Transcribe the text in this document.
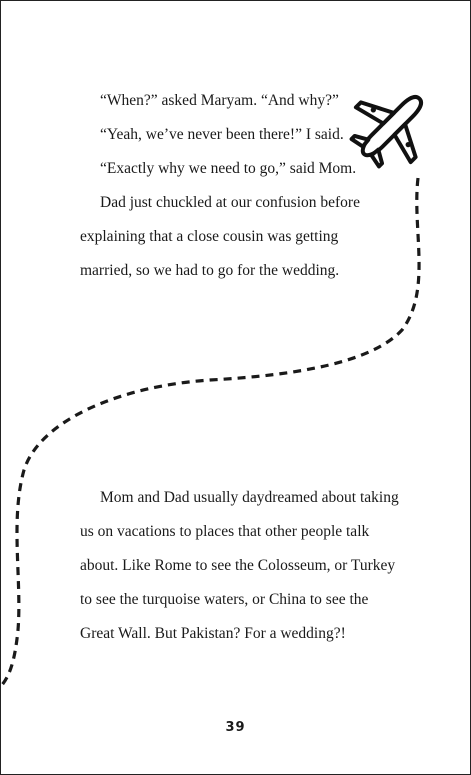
“When?” asked Maryam. “And why?”

“Yeah, we’ve never been there!” I said.

“Exactly why we need to go,” said Mom.

Dad just chuckled at our confusion before explaining that a close cousin was getting married, so we had to go for the wedding.

Mom and Dad usually daydreamed about taking us on vacations to places that other people talk about. Like Rome to see the Colosseum, or Turkey to see the turquoise waters, or China to see the Great Wall. But Pakistan? For a wedding?!

39
